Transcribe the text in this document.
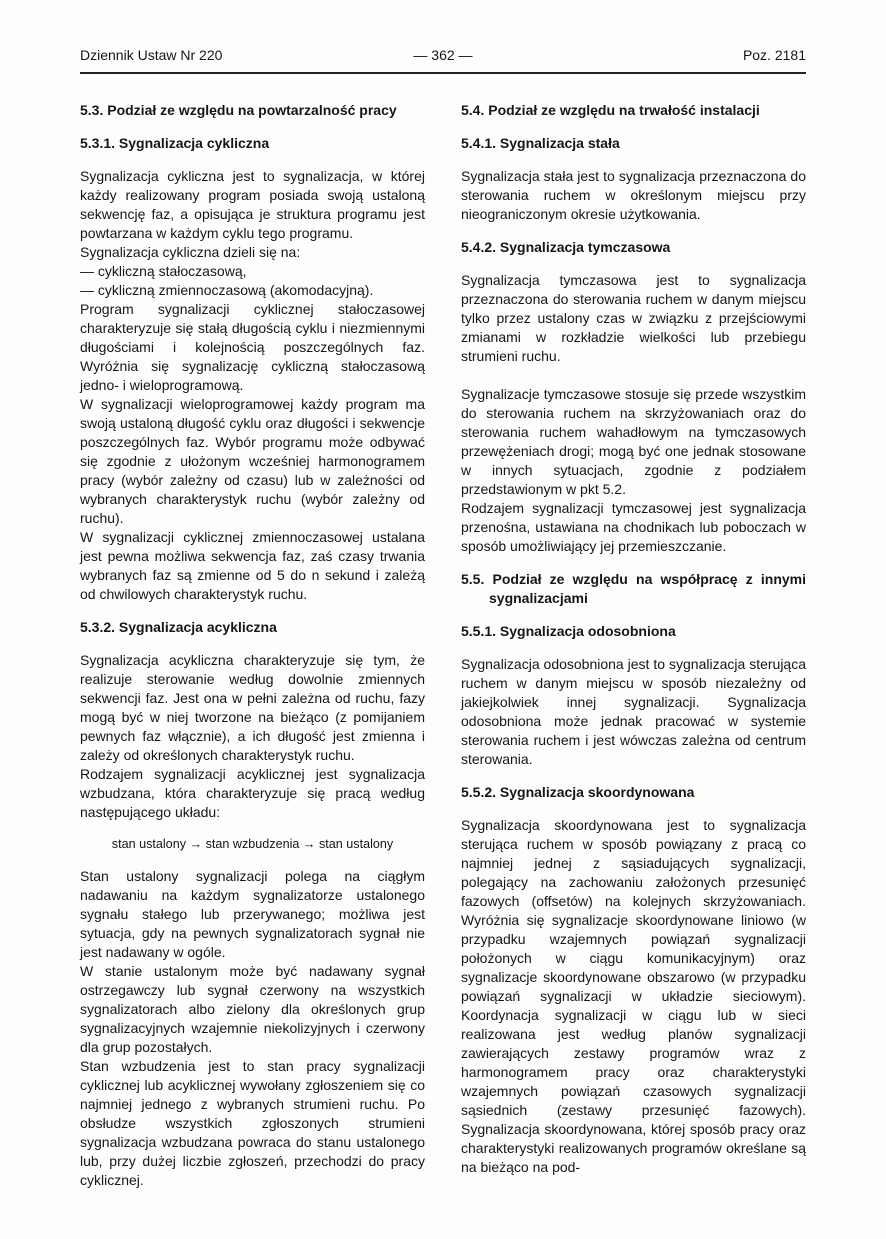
Dziennik Ustaw Nr 220	— 362 —	Poz. 2181
5.3. Podział ze względu na powtarzalność pracy
5.3.1. Sygnalizacja cykliczna
Sygnalizacja cykliczna jest to sygnalizacja, w której każdy realizowany program posiada swoją ustaloną sekwencję faz, a opisująca je struktura programu jest powtarzana w każdym cyklu tego programu.
Sygnalizacja cykliczna dzieli się na:
— cykliczną stałoczasową,
— cykliczną zmiennoczasową (akomodacyjną).
Program sygnalizacji cyklicznej stałoczasowej charakteryzuje się stałą długością cyklu i niezmiennymi długościami i kolejnością poszczególnych faz. Wyróżnia się sygnalizację cykliczną stałoczasową jedno- i wieloprogramową.
W sygnalizacji wieloprogramowej każdy program ma swoją ustaloną długość cyklu oraz długości i sekwencje poszczególnych faz. Wybór programu może odbywać się zgodnie z ułożonym wcześniej harmonogramem pracy (wybór zależny od czasu) lub w zależności od wybranych charakterystyk ruchu (wybór zależny od ruchu).
W sygnalizacji cyklicznej zmiennoczasowej ustalana jest pewna możliwa sekwencja faz, zaś czasy trwania wybranych faz są zmienne od 5 do n sekund i zależą od chwilowych charakterystyk ruchu.
5.3.2. Sygnalizacja acykliczna
Sygnalizacja acykliczna charakteryzuje się tym, że realizuje sterowanie według dowolnie zmiennych sekwencji faz. Jest ona w pełni zależna od ruchu, fazy mogą być w niej tworzone na bieżąco (z pomijaniem pewnych faz włącznie), a ich długość jest zmienna i zależy od określonych charakterystyk ruchu.
Rodzajem sygnalizacji acyklicznej jest sygnalizacja wzbudzana, która charakteryzuje się pracą według następującego układu:
stan ustalony → stan wzbudzenia → stan ustalony
Stan ustalony sygnalizacji polega na ciągłym nadawaniu na każdym sygnalizatorze ustalonego sygnału stałego lub przerywanego; możliwa jest sytuacja, gdy na pewnych sygnalizatorach sygnał nie jest nadawany w ogóle.
W stanie ustalonym może być nadawany sygnał ostrzegawczy lub sygnał czerwony na wszystkich sygnalizatorach albo zielony dla określonych grup sygnalizacyjnych wzajemnie niekolizyjnych i czerwony dla grup pozostałych.
Stan wzbudzenia jest to stan pracy sygnalizacji cyklicznej lub acyklicznej wywołany zgłoszeniem się co najmniej jednego z wybranych strumieni ruchu. Po obsłudze wszystkich zgłoszonych strumieni sygnalizacja wzbudzana powraca do stanu ustalonego lub, przy dużej liczbie zgłoszeń, przechodzi do pracy cyklicznej.
5.4. Podział ze względu na trwałość instalacji
5.4.1. Sygnalizacja stała
Sygnalizacja stała jest to sygnalizacja przeznaczona do sterowania ruchem w określonym miejscu przy nieograniczonym okresie użytkowania.
5.4.2. Sygnalizacja tymczasowa
Sygnalizacja tymczasowa jest to sygnalizacja przeznaczona do sterowania ruchem w danym miejscu tylko przez ustalony czas w związku z przejściowymi zmianami w rozkładzie wielkości lub przebiegu strumieni ruchu.
Sygnalizacje tymczasowe stosuje się przede wszystkim do sterowania ruchem na skrzyżowaniach oraz do sterowania ruchem wahadłowym na tymczasowych przewężeniach drogi; mogą być one jednak stosowane w innych sytuacjach, zgodnie z podziałem przedstawionym w pkt 5.2.
Rodzajem sygnalizacji tymczasowej jest sygnalizacja przenośna, ustawiana na chodnikach lub poboczach w sposób umożliwiający jej przemieszczanie.
5.5. Podział ze względu na współpracę z innymi sygnalizacjami
5.5.1. Sygnalizacja odosobniona
Sygnalizacja odosobniona jest to sygnalizacja sterująca ruchem w danym miejscu w sposób niezależny od jakiejkolwiek innej sygnalizacji. Sygnalizacja odosobniona może jednak pracować w systemie sterowania ruchem i jest wówczas zależna od centrum sterowania.
5.5.2. Sygnalizacja skoordynowana
Sygnalizacja skoordynowana jest to sygnalizacja sterująca ruchem w sposób powiązany z pracą co najmniej jednej z sąsiadujących sygnalizacji, polegający na zachowaniu założonych przesunięć fazowych (offsetów) na kolejnych skrzyżowaniach. Wyróżnia się sygnalizacje skoordynowane liniowo (w przypadku wzajemnych powiązań sygnalizacji położonych w ciągu komunikacyjnym) oraz sygnalizacje skoordynowane obszarowo (w przypadku powiązań sygnalizacji w układzie sieciowym). Koordynacja sygnalizacji w ciągu lub w sieci realizowana jest według planów sygnalizacji zawierających zestawy programów wraz z harmonogramem pracy oraz charakterystyki wzajemnych powiązań czasowych sygnalizacji sąsiednich (zestawy przesunięć fazowych). Sygnalizacja skoordynowana, której sposób pracy oraz charakterystyki realizowanych programów określane są na bieżąco na pod-
